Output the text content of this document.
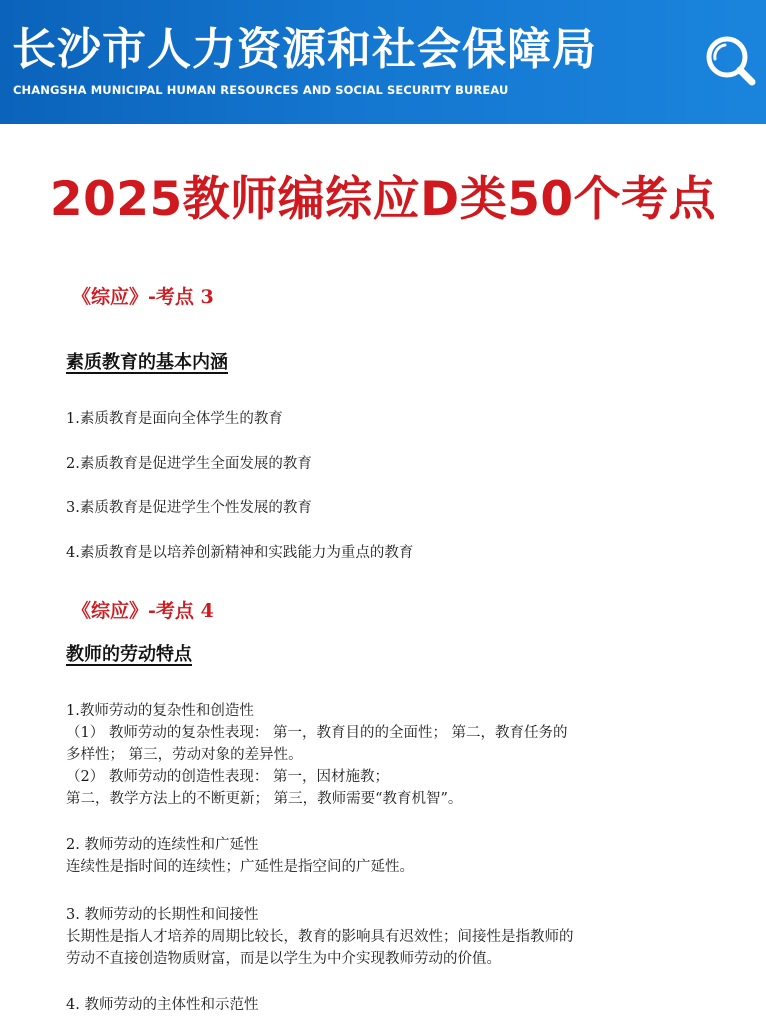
长沙市人力资源和社会保障局
CHANGSHA MUNICIPAL HUMAN RESOURCES AND SOCIAL SECURITY BUREAU
2025教师编综应D类50个考点
《综应》-考点 3
素质教育的基本内涵
1.素质教育是面向全体学生的教育
2.素质教育是促进学生全面发展的教育
3.素质教育是促进学生个性发展的教育
4.素质教育是以培养创新精神和实践能力为重点的教育
《综应》-考点 4
教师的劳动特点
1.教师劳动的复杂性和创造性
（1） 教师劳动的复杂性表现： 第一，教育目的的全面性； 第二，教育任务的
多样性； 第三，劳动对象的差异性。
（2） 教师劳动的创造性表现： 第一，因材施教；
第二，教学方法上的不断更新； 第三，教师需要“教育机智”。
2. 教师劳动的连续性和广延性
连续性是指时间的连续性；广延性是指空间的广延性。
3. 教师劳动的长期性和间接性
长期性是指人才培养的周期比较长，教育的影响具有迟效性；间接性是指教师的
劳动不直接创造物质财富，而是以学生为中介实现教师劳动的价值。
4. 教师劳动的主体性和示范性
